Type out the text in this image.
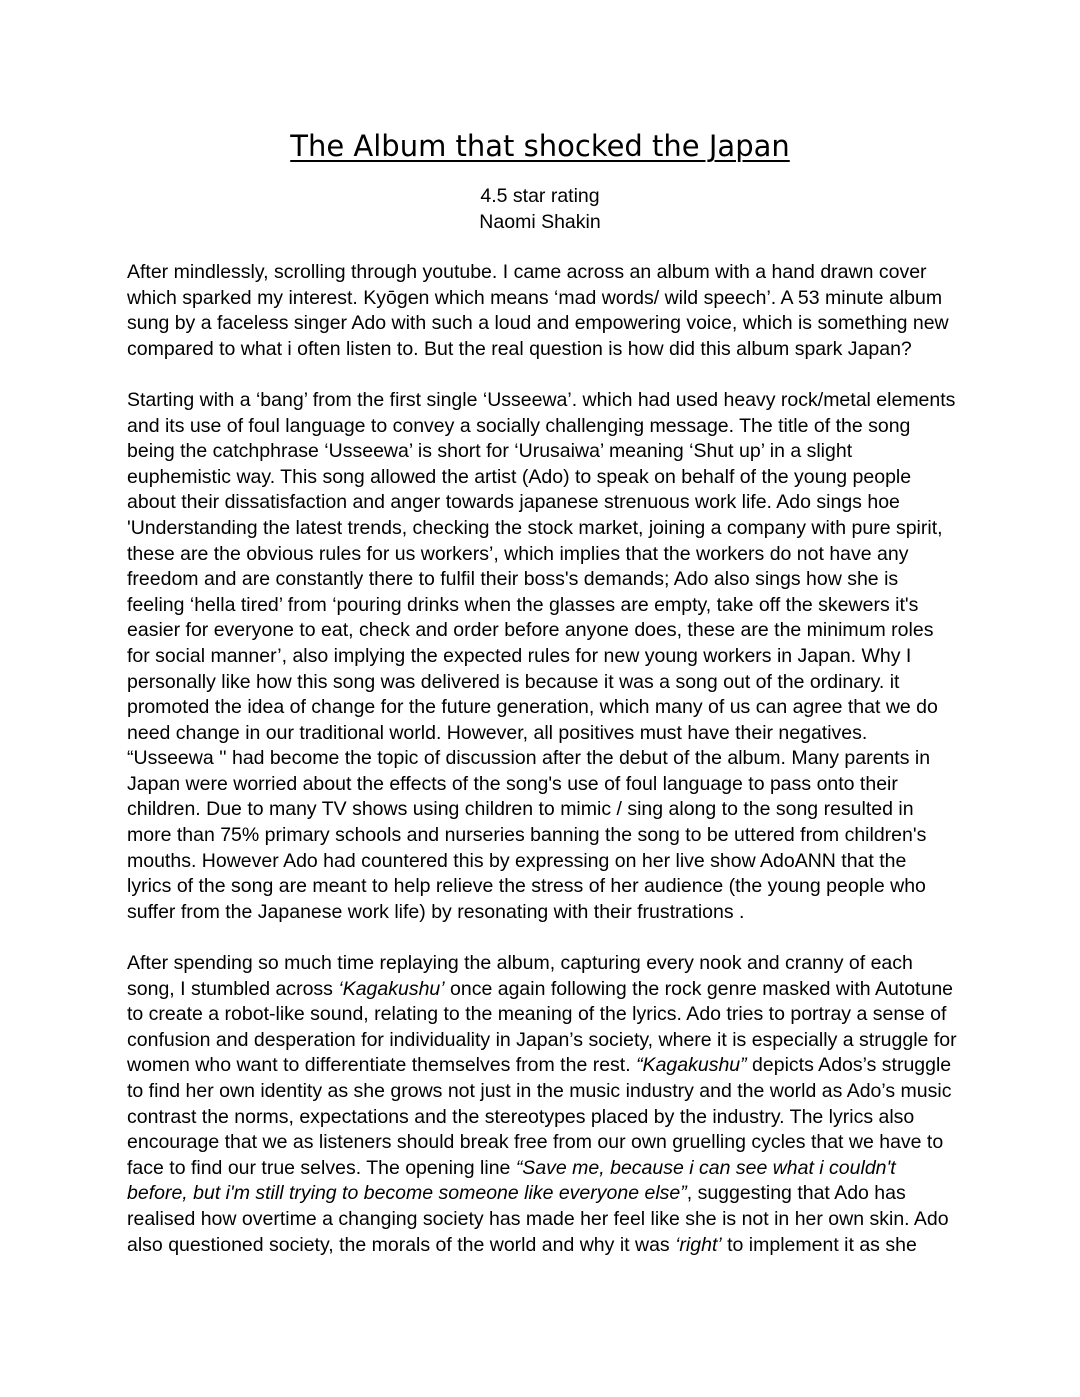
The Album that shocked the Japan
4.5 star rating
Naomi Shakin

After mindlessly, scrolling through youtube. I came across an album with a hand drawn cover
which sparked my interest. Kyōgen which means ‘mad words/ wild speech’. A 53 minute album
sung by a faceless singer Ado with such a loud and empowering voice, which is something new
compared to what i often listen to. But the real question is how did this album spark Japan?

Starting with a ‘bang’ from the first single ‘Usseewa’. which had used heavy rock/metal elements
and its use of foul language to convey a socially challenging message. The title of the song
being the catchphrase ‘Usseewa’ is short for ‘Urusaiwa’ meaning ‘Shut up’ in a slight
euphemistic way. This song allowed the artist (Ado) to speak on behalf of the young people
about their dissatisfaction and anger towards japanese strenuous work life. Ado sings hoe
'Understanding the latest trends, checking the stock market, joining a company with pure spirit,
these are the obvious rules for us workers’, which implies that the workers do not have any
freedom and are constantly there to fulfil their boss's demands; Ado also sings how she is
feeling ‘hella tired’ from ‘pouring drinks when the glasses are empty, take off the skewers it's
easier for everyone to eat, check and order before anyone does, these are the minimum roles
for social manner’, also implying the expected rules for new young workers in Japan. Why I
personally like how this song was delivered is because it was a song out of the ordinary. it
promoted the idea of change for the future generation, which many of us can agree that we do
need change in our traditional world. However, all positives must have their negatives.
“Usseewa '' had become the topic of discussion after the debut of the album. Many parents in
Japan were worried about the effects of the song's use of foul language to pass onto their
children. Due to many TV shows using children to mimic / sing along to the song resulted in
more than 75% primary schools and nurseries banning the song to be uttered from children's
mouths. However Ado had countered this by expressing on her live show AdoANN that the
lyrics of the song are meant to help relieve the stress of her audience (the young people who
suffer from the Japanese work life) by resonating with their frustrations .

After spending so much time replaying the album, capturing every nook and cranny of each
song, I stumbled across ‘Kagakushu’ once again following the rock genre masked with Autotune
to create a robot-like sound, relating to the meaning of the lyrics. Ado tries to portray a sense of
confusion and desperation for individuality in Japan’s society, where it is especially a struggle for
women who want to differentiate themselves from the rest. “Kagakushu” depicts Ados’s struggle
to find her own identity as she grows not just in the music industry and the world as Ado’s music
contrast the norms, expectations and the stereotypes placed by the industry. The lyrics also
encourage that we as listeners should break free from our own gruelling cycles that we have to
face to find our true selves. The opening line “Save me, because i can see what i couldn't
before, but i'm still trying to become someone like everyone else”, suggesting that Ado has
realised how overtime a changing society has made her feel like she is not in her own skin. Ado
also questioned society, the morals of the world and why it was ‘right’ to implement it as she
